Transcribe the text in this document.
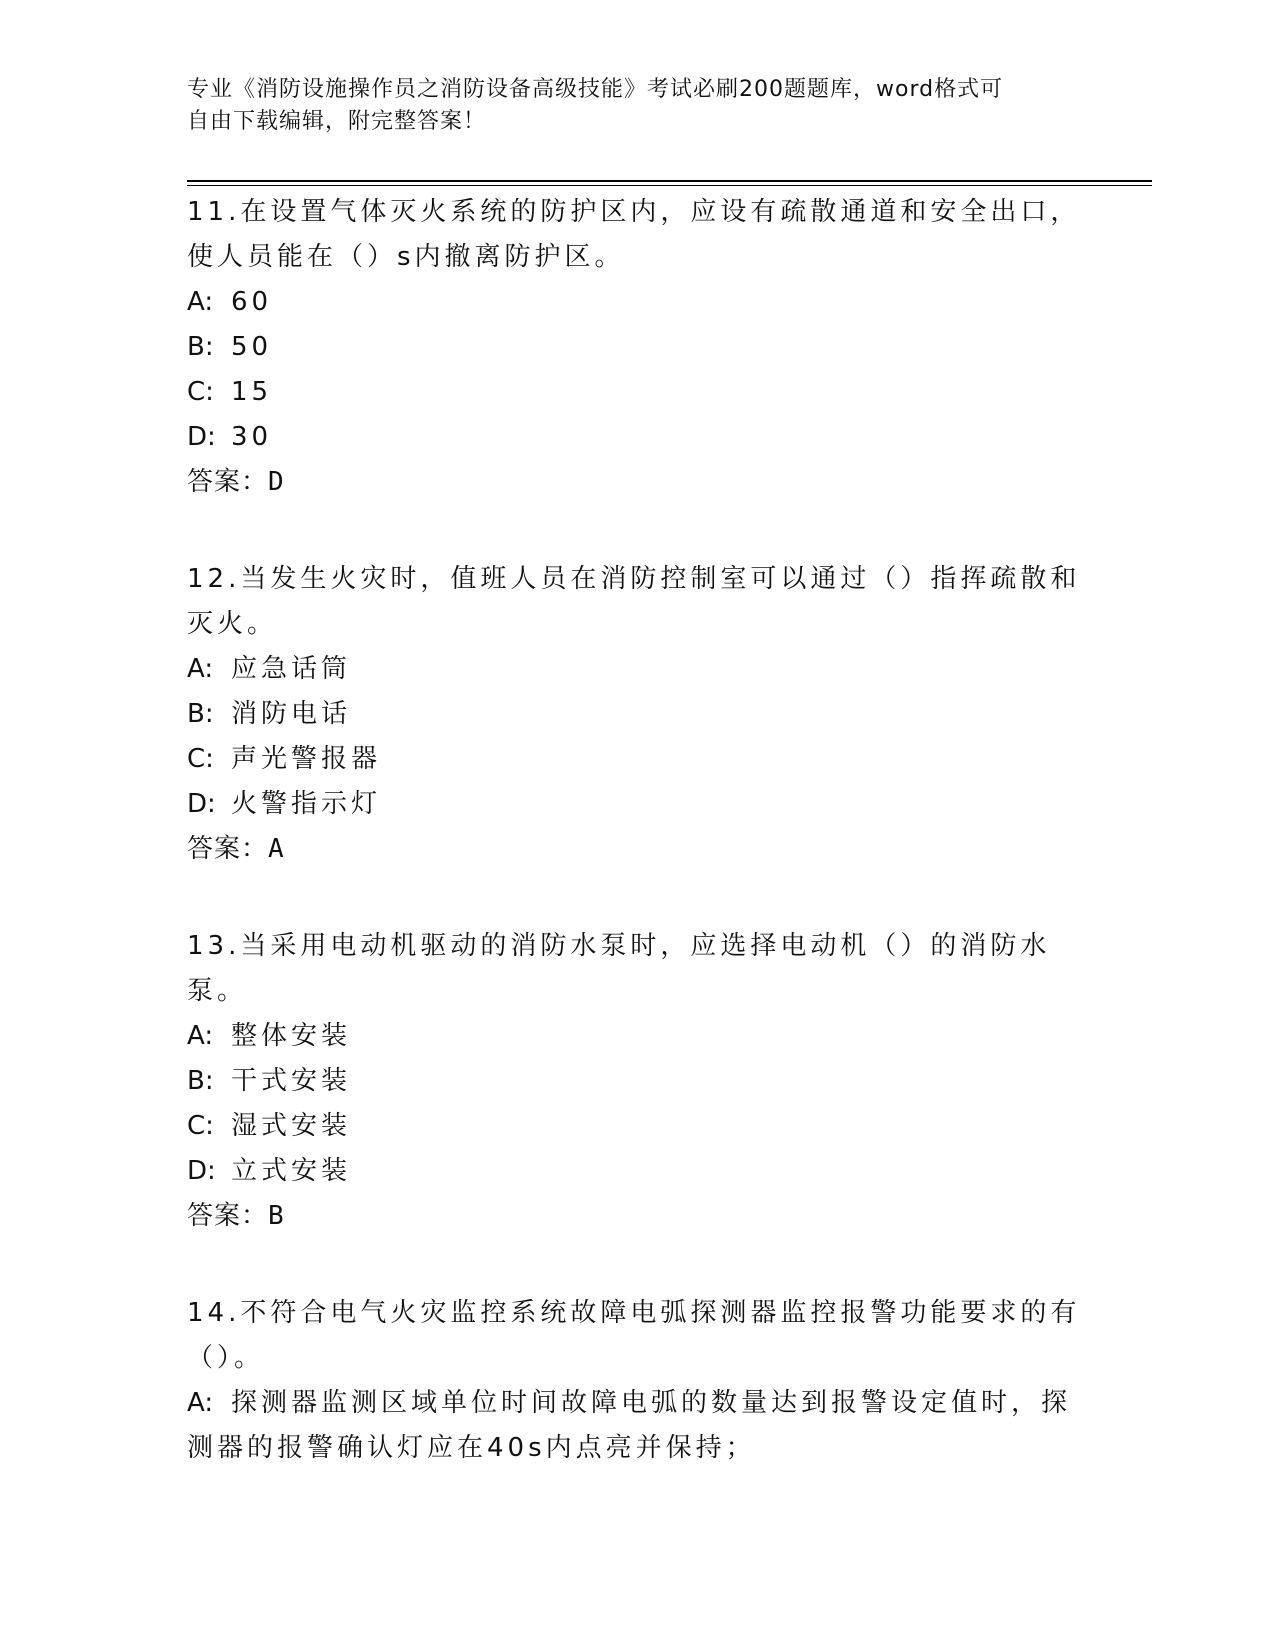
专业《消防设施操作员之消防设备高级技能》考试必刷200题题库，word格式可
自由下载编辑，附完整答案！

11.在设置气体灭火系统的防护区内，应设有疏散通道和安全出口，使人员能在（）s内撤离防护区。

A: 60

B: 50

C: 15

D: 30

答案：D

12.当发生火灾时，值班人员在消防控制室可以通过（）指挥疏散和灭火。

A: 应急话筒

B: 消防电话

C: 声光警报器

D: 火警指示灯

答案：A

13.当采用电动机驱动的消防水泵时，应选择电动机（）的消防水泵。

A: 整体安装

B: 干式安装

C: 湿式安装

D: 立式安装

答案：B

14.不符合电气火灾监控系统故障电弧探测器监控报警功能要求的有（）。

A: 探测器监测区域单位时间故障电弧的数量达到报警设定值时，探测器的报警确认灯应在40s内点亮并保持；
